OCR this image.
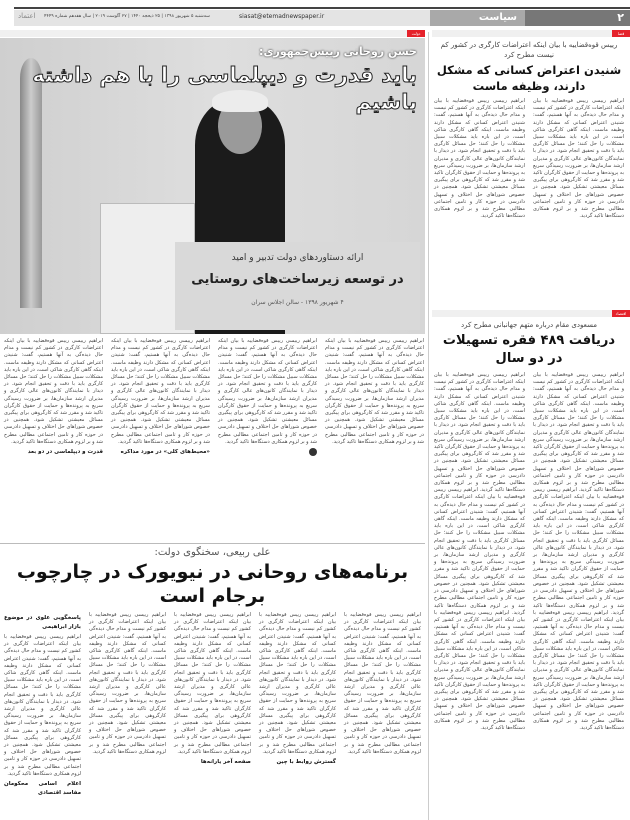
۲
سیاست
siasat@etemadnewspaper.ir
سه‌شنبه ۵ شهریور ۱۳۹۸ | ۲۵ ذیحجه ۱۴۴۰ | ۲۷ آگوست ۲۰۱۹ | سال هفدهم شماره ۴۴۴۹
اعتماد
دولت	قضا
حسن روحانی رییس‌جمهوری:
باید قدرت و دیپلماسی را با هم داشته باشیم
ارائه دستاوردهای دولت تدبیر و امید
در توسعه زیرساخت‌های روستایی
۴ شهریور ۱۳۹۸ - سالن اجلاس سران
ابراهیم رییسی رییس قوه‌قضاییه با بیان اینکه اعتراضات کارگری در کشور کم نیست و مدام حال دیده‌گی به آنها هستیم، گفت: شنیدن اعتراض کسانی که مشکل دارند وظیفه ماست. اینکه گاهی کارگری شاکی است، در این باره باید مشکلات سبیل مشکلات را حل کنند؛ حل مسائل کارگری باید با دقت و تحقیق انجام شود. در دیدار با نمایندگان کانون‌های عالی کارگری و مدیران ارشد سازمان‌ها، بر ضرورت رسیدگی سریع به پرونده‌ها و حمایت از حقوق کارگران تاکید شد و مقرر شد که کارگروهی برای پیگیری مسائل معیشتی تشکیل شود. همچنین در خصوص شوراهای حل اختلاف و تسهیل دادرسی در حوزه کار و تامین اجتماعی مطالبی مطرح شد و بر لزوم همکاری دستگاه‌ها تاکید گردید.
ابراهیم رییسی رییس قوه‌قضاییه با بیان اینکه اعتراضات کارگری در کشور کم نیست و مدام حال دیده‌گی به آنها هستیم، گفت: شنیدن اعتراض کسانی که مشکل دارند وظیفه ماست. اینکه گاهی کارگری شاکی است، در این باره باید مشکلات سبیل مشکلات را حل کنند؛ حل مسائل کارگری باید با دقت و تحقیق انجام شود. در دیدار با نمایندگان کانون‌های عالی کارگری و مدیران ارشد سازمان‌ها، بر ضرورت رسیدگی سریع به پرونده‌ها و حمایت از حقوق کارگران تاکید شد و مقرر شد که کارگروهی برای پیگیری مسائل معیشتی تشکیل شود. همچنین در خصوص شوراهای حل اختلاف و تسهیل دادرسی در حوزه کار و تامین اجتماعی مطالبی مطرح شد و بر لزوم همکاری دستگاه‌ها تاکید گردید.

ابراهیم رییسی رییس قوه‌قضاییه با بیان اینکه اعتراضات کارگری در کشور کم نیست و مدام حال دیده‌گی به آنها هستیم، گفت: شنیدن اعتراض کسانی که مشکل دارند وظیفه ماست. اینکه گاهی کارگری شاکی است، در این باره باید مشکلات سبیل مشکلات را حل کنند؛ حل مسائل کارگری باید با دقت و تحقیق انجام شود. در دیدار با نمایندگان کانون‌های عالی کارگری و مدیران ارشد سازمان‌ها، بر ضرورت رسیدگی سریع به پرونده‌ها و حمایت از حقوق کارگران تاکید شد و مقرر شد که کارگروهی برای پیگیری مسائل معیشتی تشکیل شود. همچنین در خصوص شوراهای حل اختلاف و تسهیل دادرسی در حوزه کار و تامین اجتماعی مطالبی مطرح شد و بر لزوم همکاری دستگاه‌ها تاکید گردید.
«محیط‌های کلی» در مورد مذاکره
ابراهیم رییسی رییس قوه‌قضاییه با بیان اینکه اعتراضات کارگری در کشور کم نیست و مدام حال دیده‌گی به آنها هستیم، گفت: شنیدن اعتراض کسانی که مشکل دارند وظیفه ماست. اینکه گاهی کارگری شاکی است، در این باره باید مشکلات سبیل مشکلات را حل کنند؛ حل مسائل کارگری باید با دقت و تحقیق انجام شود. در دیدار با نمایندگان کانون‌های عالی کارگری و مدیران ارشد سازمان‌ها، بر ضرورت رسیدگی سریع به پرونده‌ها و حمایت از حقوق کارگران تاکید شد و مقرر شد که کارگروهی برای پیگیری مسائل معیشتی تشکیل شود. همچنین در خصوص شوراهای حل اختلاف و تسهیل دادرسی در حوزه کار و تامین اجتماعی مطالبی مطرح شد و بر لزوم همکاری دستگاه‌ها تاکید گردید.
قدرت و دیپلماسی در دو بعد
علی ربیعی، سخنگوی دولت:
برنامه‌های روحانی در نیویورک در چارچوب برجام است
ابراهیم رییسی رییس قوه‌قضاییه با بیان اینکه اعتراضات کارگری در کشور کم نیست و مدام حال دیده‌گی به آنها هستیم، گفت: شنیدن اعتراض کسانی که مشکل دارند وظیفه ماست. اینکه گاهی کارگری شاکی است، در این باره باید مشکلات سبیل مشکلات را حل کنند؛ حل مسائل کارگری باید با دقت و تحقیق انجام شود. در دیدار با نمایندگان کانون‌های عالی کارگری و مدیران ارشد سازمان‌ها، بر ضرورت رسیدگی سریع به پرونده‌ها و حمایت از حقوق کارگران تاکید شد و مقرر شد که کارگروهی برای پیگیری مسائل معیشتی تشکیل شود. همچنین در خصوص شوراهای حل اختلاف و تسهیل دادرسی در حوزه کار و تامین اجتماعی مطالبی مطرح شد و بر لزوم همکاری دستگاه‌ها تاکید گردید.
ابراهیم رییسی رییس قوه‌قضاییه با بیان اینکه اعتراضات کارگری در کشور کم نیست و مدام حال دیده‌گی به آنها هستیم، گفت: شنیدن اعتراض کسانی که مشکل دارند وظیفه ماست. اینکه گاهی کارگری شاکی است، در این باره باید مشکلات سبیل مشکلات را حل کنند؛ حل مسائل کارگری باید با دقت و تحقیق انجام شود. در دیدار با نمایندگان کانون‌های عالی کارگری و مدیران ارشد سازمان‌ها، بر ضرورت رسیدگی سریع به پرونده‌ها و حمایت از حقوق کارگران تاکید شد و مقرر شد که کارگروهی برای پیگیری مسائل معیشتی تشکیل شود. همچنین در خصوص شوراهای حل اختلاف و تسهیل دادرسی در حوزه کار و تامین اجتماعی مطالبی مطرح شد و بر لزوم همکاری دستگاه‌ها تاکید گردید.
گسترش روابط با چین
ابراهیم رییسی رییس قوه‌قضاییه با بیان اینکه اعتراضات کارگری در کشور کم نیست و مدام حال دیده‌گی به آنها هستیم، گفت: شنیدن اعتراض کسانی که مشکل دارند وظیفه ماست. اینکه گاهی کارگری شاکی است، در این باره باید مشکلات سبیل مشکلات را حل کنند؛ حل مسائل کارگری باید با دقت و تحقیق انجام شود. در دیدار با نمایندگان کانون‌های عالی کارگری و مدیران ارشد سازمان‌ها، بر ضرورت رسیدگی سریع به پرونده‌ها و حمایت از حقوق کارگران تاکید شد و مقرر شد که کارگروهی برای پیگیری مسائل معیشتی تشکیل شود. همچنین در خصوص شوراهای حل اختلاف و تسهیل دادرسی در حوزه کار و تامین اجتماعی مطالبی مطرح شد و بر لزوم همکاری دستگاه‌ها تاکید گردید.
صفحه آخر یارانه‌ها
ابراهیم رییسی رییس قوه‌قضاییه با بیان اینکه اعتراضات کارگری در کشور کم نیست و مدام حال دیده‌گی به آنها هستیم، گفت: شنیدن اعتراض کسانی که مشکل دارند وظیفه ماست. اینکه گاهی کارگری شاکی است، در این باره باید مشکلات سبیل مشکلات را حل کنند؛ حل مسائل کارگری باید با دقت و تحقیق انجام شود. در دیدار با نمایندگان کانون‌های عالی کارگری و مدیران ارشد سازمان‌ها، بر ضرورت رسیدگی سریع به پرونده‌ها و حمایت از حقوق کارگران تاکید شد و مقرر شد که کارگروهی برای پیگیری مسائل معیشتی تشکیل شود. همچنین در خصوص شوراهای حل اختلاف و تسهیل دادرسی در حوزه کار و تامین اجتماعی مطالبی مطرح شد و بر لزوم همکاری دستگاه‌ها تاکید گردید.
پاسخگویی علوی در موضوع بازار ابراهیمی
ابراهیم رییسی رییس قوه‌قضاییه با بیان اینکه اعتراضات کارگری در کشور کم نیست و مدام حال دیده‌گی به آنها هستیم، گفت: شنیدن اعتراض کسانی که مشکل دارند وظیفه ماست. اینکه گاهی کارگری شاکی است، در این باره باید مشکلات سبیل مشکلات را حل کنند؛ حل مسائل کارگری باید با دقت و تحقیق انجام شود. در دیدار با نمایندگان کانون‌های عالی کارگری و مدیران ارشد سازمان‌ها، بر ضرورت رسیدگی سریع به پرونده‌ها و حمایت از حقوق کارگران تاکید شد و مقرر شد که کارگروهی برای پیگیری مسائل معیشتی تشکیل شود. همچنین در خصوص شوراهای حل اختلاف و تسهیل دادرسی در حوزه کار و تامین اجتماعی مطالبی مطرح شد و بر لزوم همکاری دستگاه‌ها تاکید گردید.
اعلام اسامی محکومان مفاسد اقتصادی
رییس قوه‌قضاییه با بیان اینکه اعتراضات کارگری در کشور کم نیست مطرح کرد
شنیدن اعتراض کسانی که مشکل دارند، وظیفه ماست
ابراهیم رییسی رییس قوه‌قضاییه با بیان اینکه اعتراضات کارگری در کشور کم نیست و مدام حال دیده‌گی به آنها هستیم، گفت: شنیدن اعتراض کسانی که مشکل دارند وظیفه ماست. اینکه گاهی کارگری شاکی است، در این باره باید مشکلات سبیل مشکلات را حل کنند؛ حل مسائل کارگری باید با دقت و تحقیق انجام شود. در دیدار با نمایندگان کانون‌های عالی کارگری و مدیران ارشد سازمان‌ها، بر ضرورت رسیدگی سریع به پرونده‌ها و حمایت از حقوق کارگران تاکید شد و مقرر شد که کارگروهی برای پیگیری مسائل معیشتی تشکیل شود. همچنین در خصوص شوراهای حل اختلاف و تسهیل دادرسی در حوزه کار و تامین اجتماعی مطالبی مطرح شد و بر لزوم همکاری دستگاه‌ها تاکید گردید.
ابراهیم رییسی رییس قوه‌قضاییه با بیان اینکه اعتراضات کارگری در کشور کم نیست و مدام حال دیده‌گی به آنها هستیم، گفت: شنیدن اعتراض کسانی که مشکل دارند وظیفه ماست. اینکه گاهی کارگری شاکی است، در این باره باید مشکلات سبیل مشکلات را حل کنند؛ حل مسائل کارگری باید با دقت و تحقیق انجام شود. در دیدار با نمایندگان کانون‌های عالی کارگری و مدیران ارشد سازمان‌ها، بر ضرورت رسیدگی سریع به پرونده‌ها و حمایت از حقوق کارگران تاکید شد و مقرر شد که کارگروهی برای پیگیری مسائل معیشتی تشکیل شود. همچنین در خصوص شوراهای حل اختلاف و تسهیل دادرسی در حوزه کار و تامین اجتماعی مطالبی مطرح شد و بر لزوم همکاری دستگاه‌ها تاکید گردید.
اقتصاد
مسعودی مقام درباره متهم جهانبانی مطرح کرد
دریافت ۴۸۹ فقره تسهیلات در دو سال
ابراهیم رییسی رییس قوه‌قضاییه با بیان اینکه اعتراضات کارگری در کشور کم نیست و مدام حال دیده‌گی به آنها هستیم، گفت: شنیدن اعتراض کسانی که مشکل دارند وظیفه ماست. اینکه گاهی کارگری شاکی است، در این باره باید مشکلات سبیل مشکلات را حل کنند؛ حل مسائل کارگری باید با دقت و تحقیق انجام شود. در دیدار با نمایندگان کانون‌های عالی کارگری و مدیران ارشد سازمان‌ها، بر ضرورت رسیدگی سریع به پرونده‌ها و حمایت از حقوق کارگران تاکید شد و مقرر شد که کارگروهی برای پیگیری مسائل معیشتی تشکیل شود. همچنین در خصوص شوراهای حل اختلاف و تسهیل دادرسی در حوزه کار و تامین اجتماعی مطالبی مطرح شد و بر لزوم همکاری دستگاه‌ها تاکید گردید. ابراهیم رییسی رییس قوه‌قضاییه با بیان اینکه اعتراضات کارگری در کشور کم نیست و مدام حال دیده‌گی به آنها هستیم، گفت: شنیدن اعتراض کسانی که مشکل دارند وظیفه ماست. اینکه گاهی کارگری شاکی است، در این باره باید مشکلات سبیل مشکلات را حل کنند؛ حل مسائل کارگری باید با دقت و تحقیق انجام شود. در دیدار با نمایندگان کانون‌های عالی کارگری و مدیران ارشد سازمان‌ها، بر ضرورت رسیدگی سریع به پرونده‌ها و حمایت از حقوق کارگران تاکید شد و مقرر شد که کارگروهی برای پیگیری مسائل معیشتی تشکیل شود. همچنین در خصوص شوراهای حل اختلاف و تسهیل دادرسی در حوزه کار و تامین اجتماعی مطالبی مطرح شد و بر لزوم همکاری دستگاه‌ها تاکید گردید. ابراهیم رییسی رییس قوه‌قضاییه با بیان اینکه اعتراضات کارگری در کشور کم نیست و مدام حال دیده‌گی به آنها هستیم، گفت: شنیدن اعتراض کسانی که مشکل دارند وظیفه ماست. اینکه گاهی کارگری شاکی است، در این باره باید مشکلات سبیل مشکلات را حل کنند؛ حل مسائل کارگری باید با دقت و تحقیق انجام شود. در دیدار با نمایندگان کانون‌های عالی کارگری و مدیران ارشد سازمان‌ها، بر ضرورت رسیدگی سریع به پرونده‌ها و حمایت از حقوق کارگران تاکید شد و مقرر شد که کارگروهی برای پیگیری مسائل معیشتی تشکیل شود. همچنین در خصوص شوراهای حل اختلاف و تسهیل دادرسی در حوزه کار و تامین اجتماعی مطالبی مطرح شد و بر لزوم همکاری دستگاه‌ها تاکید گردید.
ابراهیم رییسی رییس قوه‌قضاییه با بیان اینکه اعتراضات کارگری در کشور کم نیست و مدام حال دیده‌گی به آنها هستیم، گفت: شنیدن اعتراض کسانی که مشکل دارند وظیفه ماست. اینکه گاهی کارگری شاکی است، در این باره باید مشکلات سبیل مشکلات را حل کنند؛ حل مسائل کارگری باید با دقت و تحقیق انجام شود. در دیدار با نمایندگان کانون‌های عالی کارگری و مدیران ارشد سازمان‌ها، بر ضرورت رسیدگی سریع به پرونده‌ها و حمایت از حقوق کارگران تاکید شد و مقرر شد که کارگروهی برای پیگیری مسائل معیشتی تشکیل شود. همچنین در خصوص شوراهای حل اختلاف و تسهیل دادرسی در حوزه کار و تامین اجتماعی مطالبی مطرح شد و بر لزوم همکاری دستگاه‌ها تاکید گردید. ابراهیم رییسی رییس قوه‌قضاییه با بیان اینکه اعتراضات کارگری در کشور کم نیست و مدام حال دیده‌گی به آنها هستیم، گفت: شنیدن اعتراض کسانی که مشکل دارند وظیفه ماست. اینکه گاهی کارگری شاکی است، در این باره باید مشکلات سبیل مشکلات را حل کنند؛ حل مسائل کارگری باید با دقت و تحقیق انجام شود. در دیدار با نمایندگان کانون‌های عالی کارگری و مدیران ارشد سازمان‌ها، بر ضرورت رسیدگی سریع به پرونده‌ها و حمایت از حقوق کارگران تاکید شد و مقرر شد که کارگروهی برای پیگیری مسائل معیشتی تشکیل شود. همچنین در خصوص شوراهای حل اختلاف و تسهیل دادرسی در حوزه کار و تامین اجتماعی مطالبی مطرح شد و بر لزوم همکاری دستگاه‌ها تاکید گردید. ابراهیم رییسی رییس قوه‌قضاییه با بیان اینکه اعتراضات کارگری در کشور کم نیست و مدام حال دیده‌گی به آنها هستیم، گفت: شنیدن اعتراض کسانی که مشکل دارند وظیفه ماست. اینکه گاهی کارگری شاکی است، در این باره باید مشکلات سبیل مشکلات را حل کنند؛ حل مسائل کارگری باید با دقت و تحقیق انجام شود. در دیدار با نمایندگان کانون‌های عالی کارگری و مدیران ارشد سازمان‌ها، بر ضرورت رسیدگی سریع به پرونده‌ها و حمایت از حقوق کارگران تاکید شد و مقرر شد که کارگروهی برای پیگیری مسائل معیشتی تشکیل شود. همچنین در خصوص شوراهای حل اختلاف و تسهیل دادرسی در حوزه کار و تامین اجتماعی مطالبی مطرح شد و بر لزوم همکاری دستگاه‌ها تاکید گردید.
